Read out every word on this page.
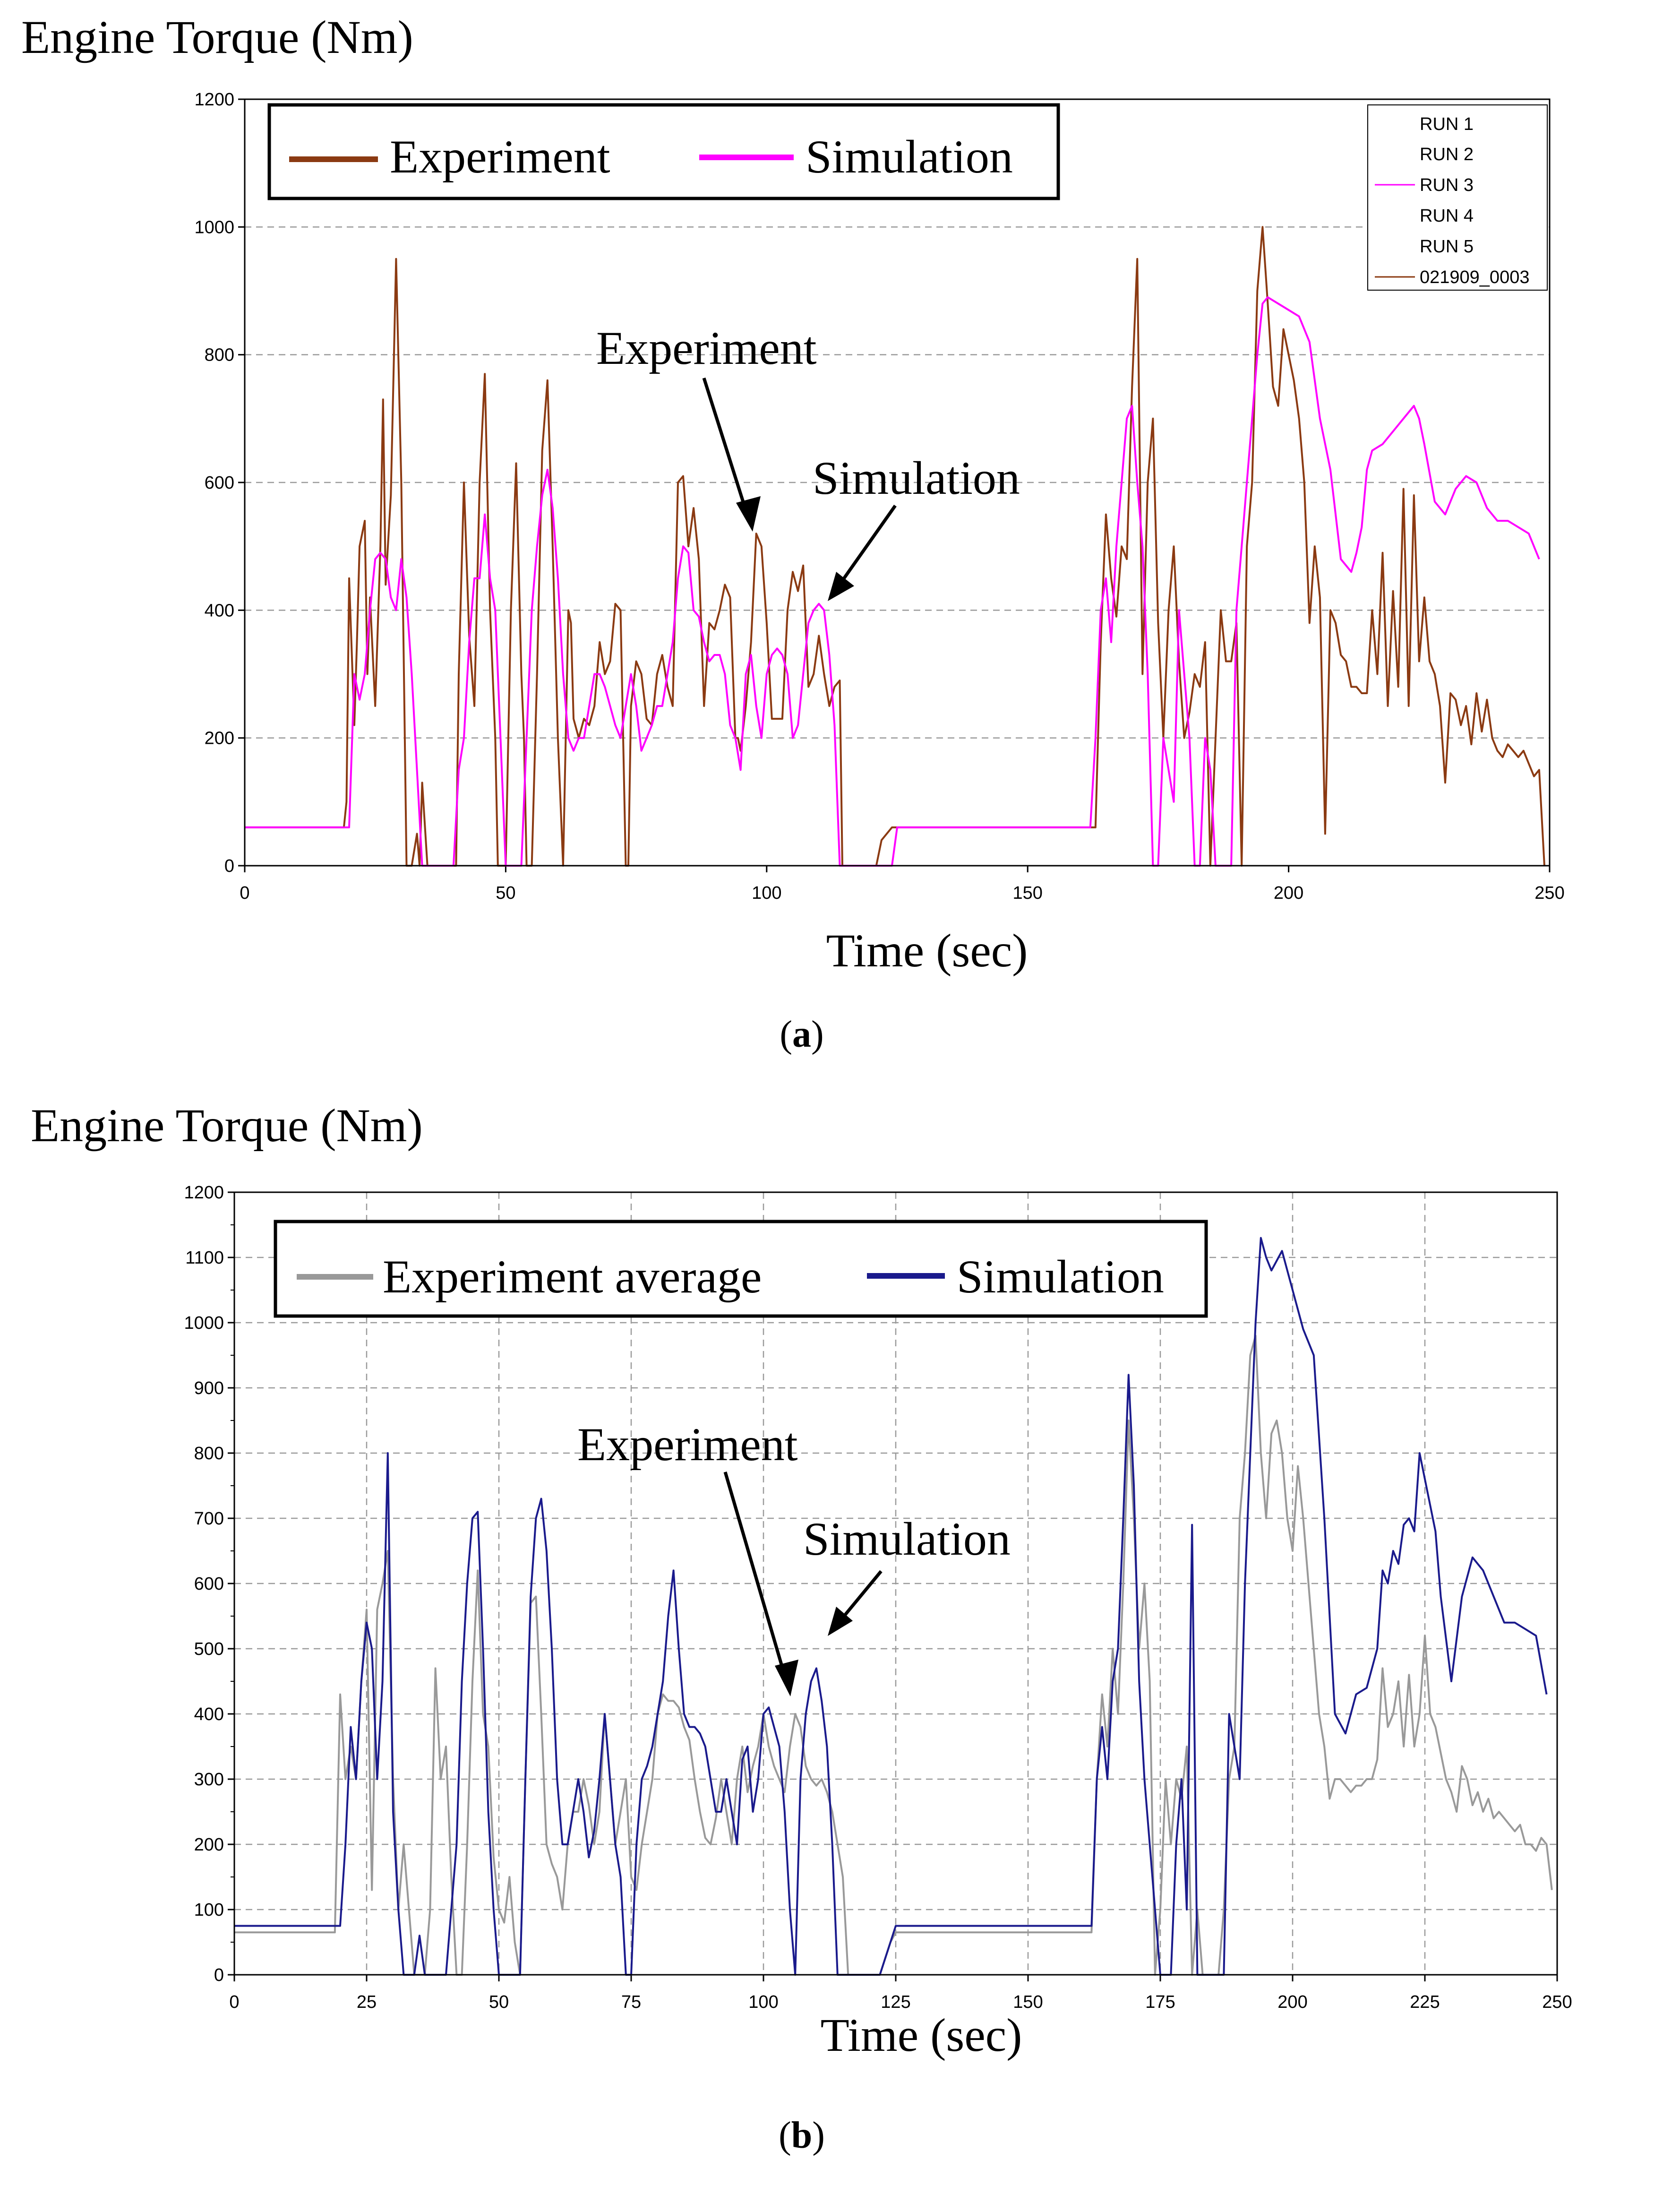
Engine Torque (Nm)
0
200
400
600
800
1000
1200
0	50	100	150	200	250
Experiment	Simulation
RUN 1
RUN 2
RUN 3
RUN 4
RUN 5
021909_0003
Experiment
Simulation
Time (sec)
(a)
Engine Torque (Nm)
0
100
200
300
400
500
600
700
800
900
1000
1100
1200
0	25	50	75	100	125	150	175	200	225	250
Experiment average	Simulation
Experiment
Simulation
Time (sec)
(b)
